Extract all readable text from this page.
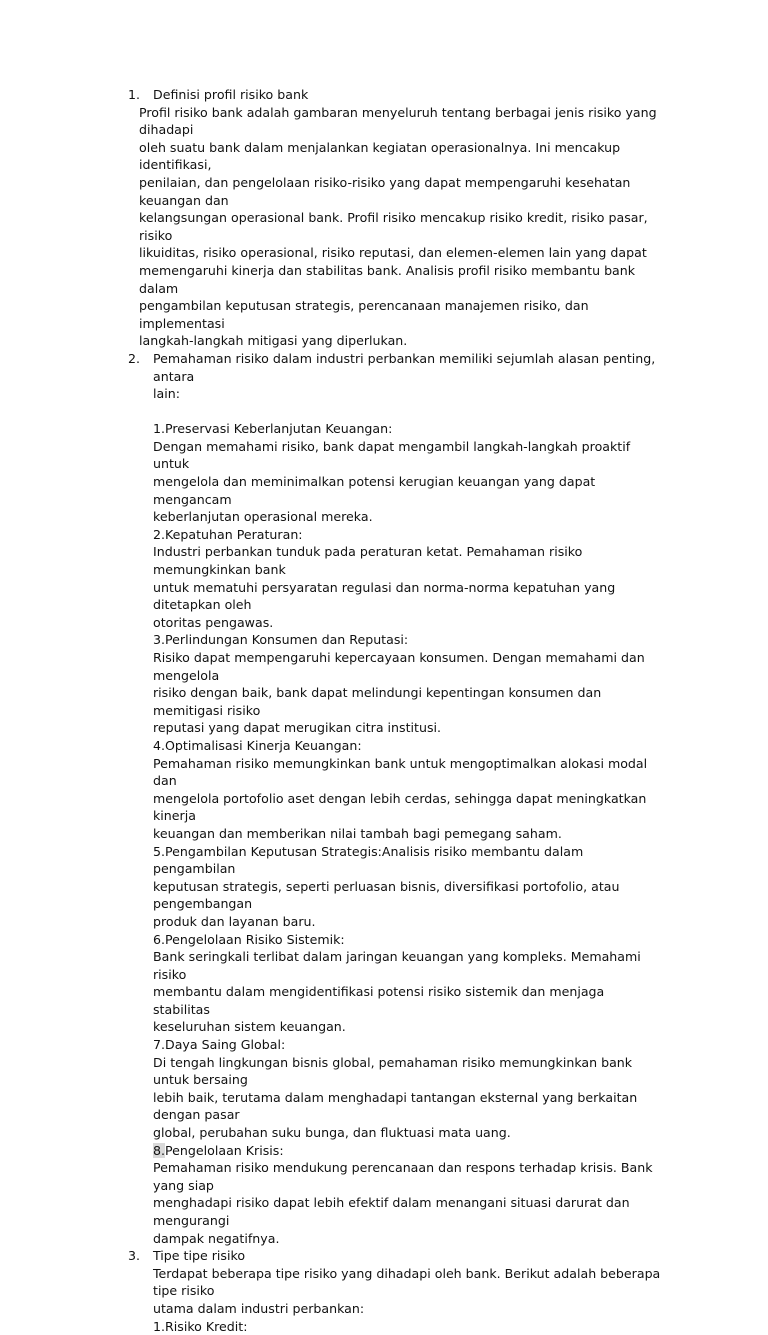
1.	Definisi profil risiko bank

Profil risiko bank adalah gambaran menyeluruh tentang berbagai jenis risiko yang dihadapi
oleh suatu bank dalam menjalankan kegiatan operasionalnya. Ini mencakup identifikasi,
penilaian, dan pengelolaan risiko-risiko yang dapat mempengaruhi kesehatan keuangan dan
kelangsungan operasional bank. Profil risiko mencakup risiko kredit, risiko pasar, risiko
likuiditas, risiko operasional, risiko reputasi, dan elemen-elemen lain yang dapat
memengaruhi kinerja dan stabilitas bank. Analisis profil risiko membantu bank dalam
pengambilan keputusan strategis, perencanaan manajemen risiko, dan implementasi
langkah-langkah mitigasi yang diperlukan.

2.	Pemahaman risiko dalam industri perbankan memiliki sejumlah alasan penting, antara
lain:

1.Preservasi Keberlanjutan Keuangan:

Dengan memahami risiko, bank dapat mengambil langkah-langkah proaktif untuk
mengelola dan meminimalkan potensi kerugian keuangan yang dapat mengancam
keberlanjutan operasional mereka.

2.Kepatuhan Peraturan:

Industri perbankan tunduk pada peraturan ketat. Pemahaman risiko memungkinkan bank
untuk mematuhi persyaratan regulasi dan norma-norma kepatuhan yang ditetapkan oleh
otoritas pengawas.

3.Perlindungan Konsumen dan Reputasi:

Risiko dapat mempengaruhi kepercayaan konsumen. Dengan memahami dan mengelola
risiko dengan baik, bank dapat melindungi kepentingan konsumen dan memitigasi risiko
reputasi yang dapat merugikan citra institusi.

4.Optimalisasi Kinerja Keuangan:

Pemahaman risiko memungkinkan bank untuk mengoptimalkan alokasi modal dan
mengelola portofolio aset dengan lebih cerdas, sehingga dapat meningkatkan kinerja
keuangan dan memberikan nilai tambah bagi pemegang saham.

5.Pengambilan Keputusan Strategis:Analisis risiko membantu dalam pengambilan

keputusan strategis, seperti perluasan bisnis, diversifikasi portofolio, atau pengembangan
produk dan layanan baru.

6.Pengelolaan Risiko Sistemik:

Bank seringkali terlibat dalam jaringan keuangan yang kompleks. Memahami risiko
membantu dalam mengidentifikasi potensi risiko sistemik dan menjaga stabilitas
keseluruhan sistem keuangan.

7.Daya Saing Global:

Di tengah lingkungan bisnis global, pemahaman risiko memungkinkan bank untuk bersaing
lebih baik, terutama dalam menghadapi tantangan eksternal yang berkaitan dengan pasar
global, perubahan suku bunga, dan fluktuasi mata uang.

8.Pengelolaan Krisis:

Pemahaman risiko mendukung perencanaan dan respons terhadap krisis. Bank yang siap
menghadapi risiko dapat lebih efektif dalam menangani situasi darurat dan mengurangi
dampak negatifnya.

3.	Tipe tipe risiko

Terdapat beberapa tipe risiko yang dihadapi oleh bank. Berikut adalah beberapa tipe risiko
utama dalam industri perbankan:

1.Risiko Kredit:
